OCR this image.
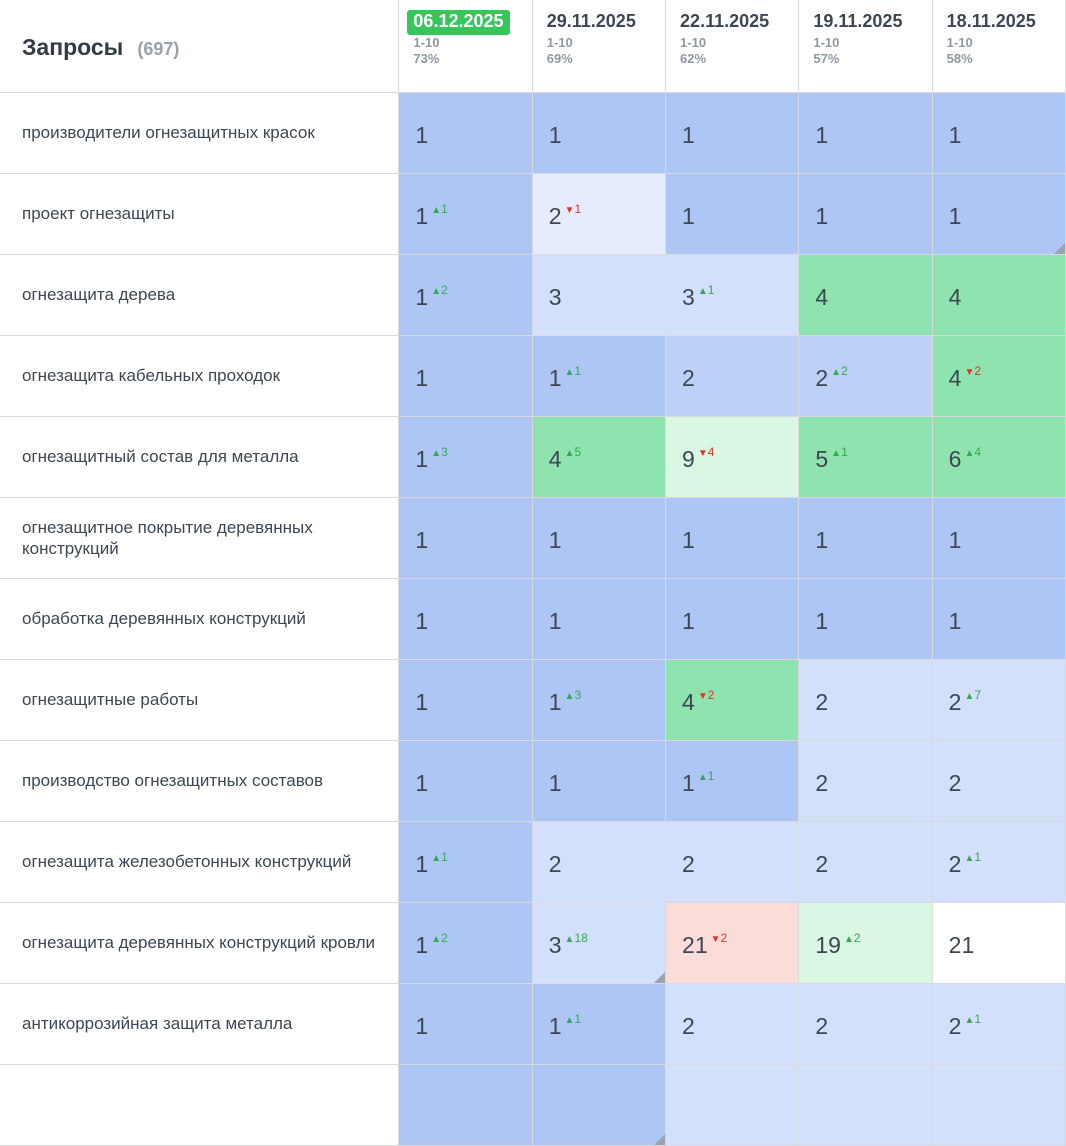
Запросы (697)
	06.12.2025
1-10
73%
	29.11.2025
1-10
69%
	22.11.2025
1-10
62%
	19.11.2025
1-10
57%
	18.11.2025
1-10
58%

производители огнезащитных красок	1	1	1	1	1

проект огнезащиты	1 ▲1	2 ▼1	1	1	1

огнезащита дерева	1 ▲2	3	3 ▲1	4	4

огнезащита кабельных проходок	1	1 ▲1	2	2 ▲2	4 ▼2

огнезащитный состав для металла	1 ▲3	4 ▲5	9 ▼4	5 ▲1	6 ▲4

огнезащитное покрытие деревянных конструкций	1	1	1	1	1

обработка деревянных конструкций	1	1	1	1	1

огнезащитные работы	1	1 ▲3	4 ▼2	2	2 ▲7

производство огнезащитных составов	1	1	1 ▲1	2	2

огнезащита железобетонных конструкций	1 ▲1	2	2	2	2 ▲1

огнезащита деревянных конструкций кровли	1 ▲2	3 ▲18	21 ▼2	19 ▲2	21

антикоррозийная защита металла	1	1 ▲1	2	2	2 ▲1
